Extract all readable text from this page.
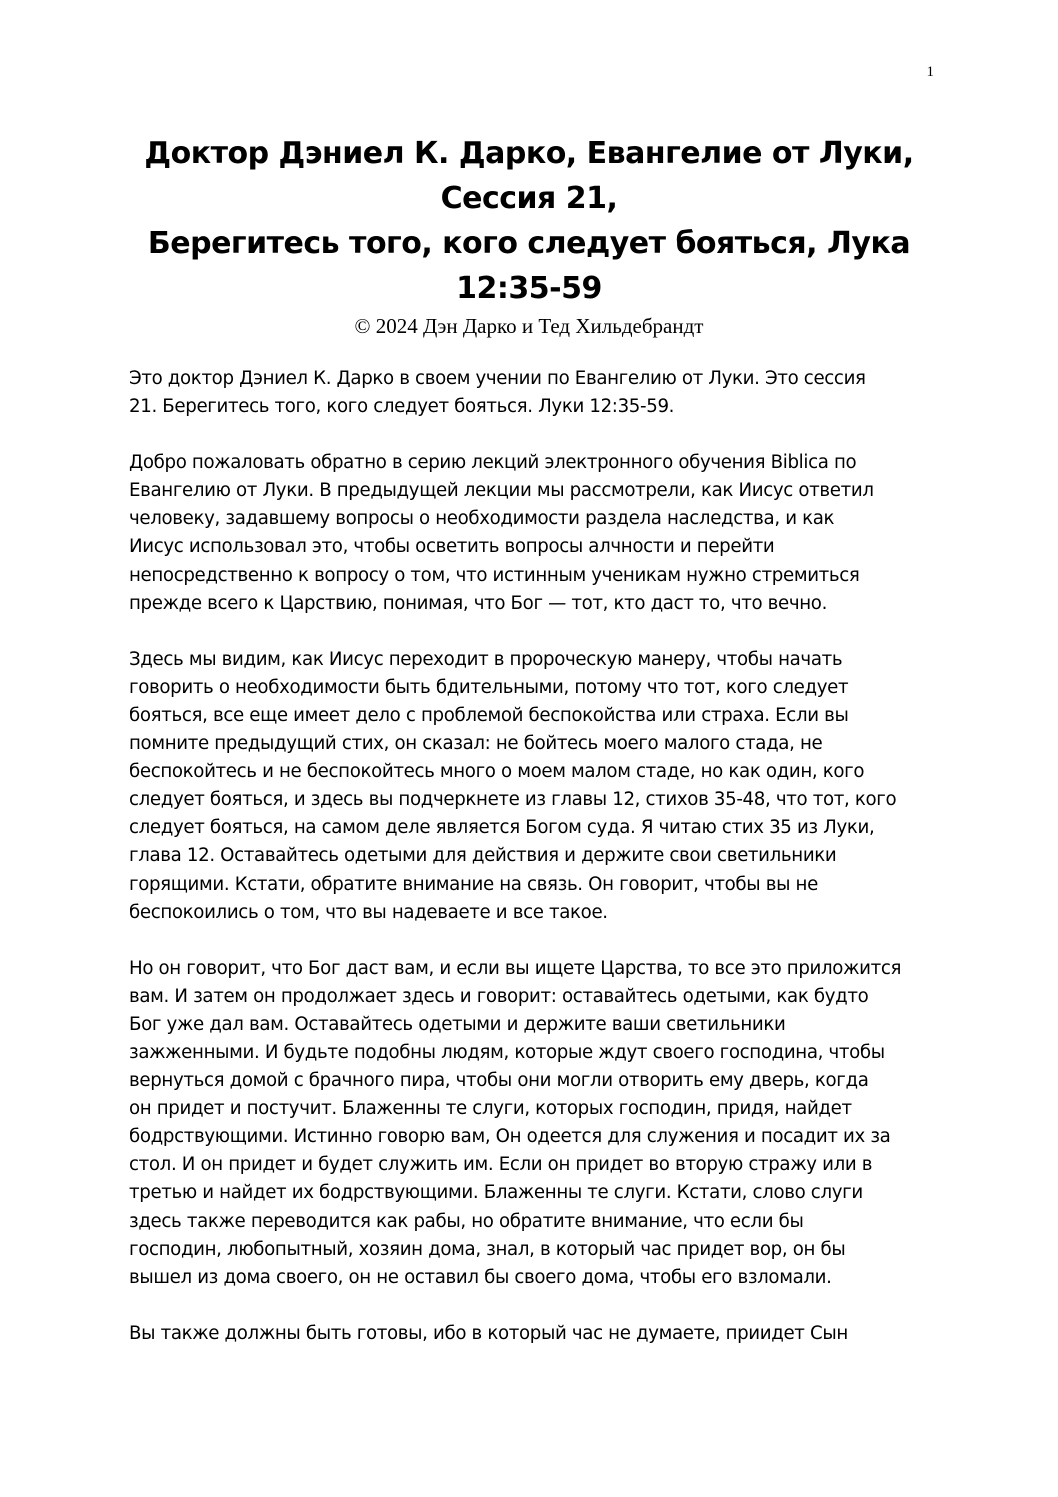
1
Доктор Дэниел К. Дарко, Евангелие от Луки,
Сессия 21,
Берегитесь того, кого следует бояться, Лука
12:35-59
© 2024 Дэн Дарко и Тед Хильдебрандт

Это доктор Дэниел К. Дарко в своем учении по Евангелию от Луки. Это сессия
21. Берегитесь того, кого следует бояться. Луки 12:35-59.

Добро пожаловать обратно в серию лекций электронного обучения Biblica по
Евангелию от Луки. В предыдущей лекции мы рассмотрели, как Иисус ответил
человеку, задавшему вопросы о необходимости раздела наследства, и как
Иисус использовал это, чтобы осветить вопросы алчности и перейти
непосредственно к вопросу о том, что истинным ученикам нужно стремиться
прежде всего к Царствию, понимая, что Бог — тот, кто даст то, что вечно.

Здесь мы видим, как Иисус переходит в пророческую манеру, чтобы начать
говорить о необходимости быть бдительными, потому что тот, кого следует
бояться, все еще имеет дело с проблемой беспокойства или страха. Если вы
помните предыдущий стих, он сказал: не бойтесь моего малого стада, не
беспокойтесь и не беспокойтесь много о моем малом стаде, но как один, кого
следует бояться, и здесь вы подчеркнете из главы 12, стихов 35-48, что тот, кого
следует бояться, на самом деле является Богом суда. Я читаю стих 35 из Луки,
глава 12. Оставайтесь одетыми для действия и держите свои светильники
горящими. Кстати, обратите внимание на связь. Он говорит, чтобы вы не
беспокоились о том, что вы надеваете и все такое.

Но он говорит, что Бог даст вам, и если вы ищете Царства, то все это приложится
вам. И затем он продолжает здесь и говорит: оставайтесь одетыми, как будто
Бог уже дал вам. Оставайтесь одетыми и держите ваши светильники
зажженными. И будьте подобны людям, которые ждут своего господина, чтобы
вернуться домой с брачного пира, чтобы они могли отворить ему дверь, когда
он придет и постучит. Блаженны те слуги, которых господин, придя, найдет
бодрствующими. Истинно говорю вам, Он одеется для служения и посадит их за
стол. И он придет и будет служить им. Если он придет во вторую стражу или в
третью и найдет их бодрствующими. Блаженны те слуги. Кстати, слово слуги
здесь также переводится как рабы, но обратите внимание, что если бы
господин, любопытный, хозяин дома, знал, в который час придет вор, он бы
вышел из дома своего, он не оставил бы своего дома, чтобы его взломали.

Вы также должны быть готовы, ибо в который час не думаете, приидет Сын
